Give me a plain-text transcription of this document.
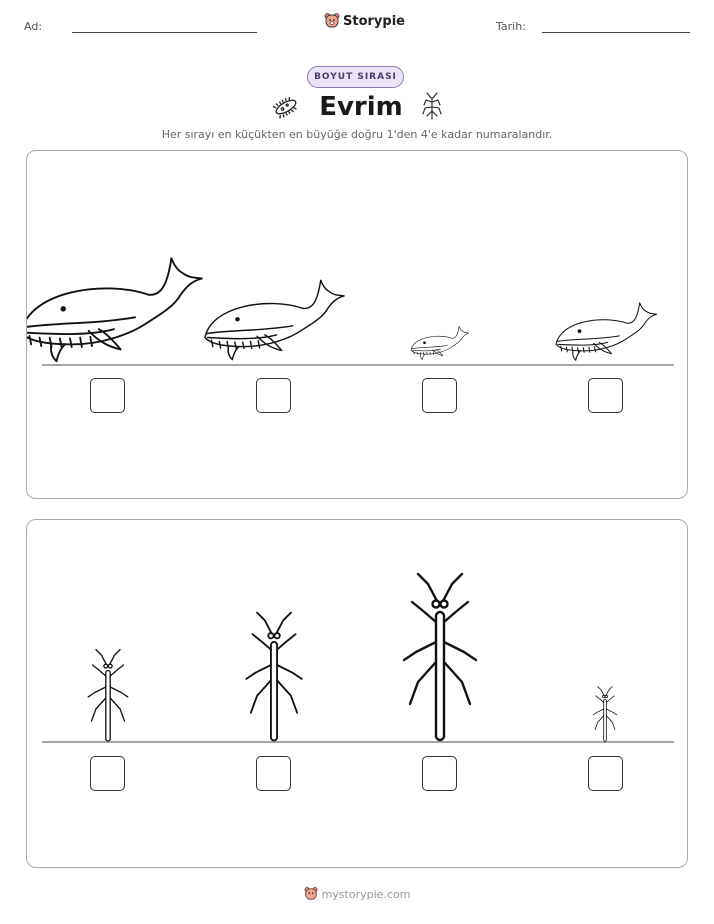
Ad:	Storypie	Tarih:
BOYUT SIRASI
Evrim
Her sırayı en küçükten en büyüğe doğru 1'den 4'e kadar numaralandır.
mystorypie.com
